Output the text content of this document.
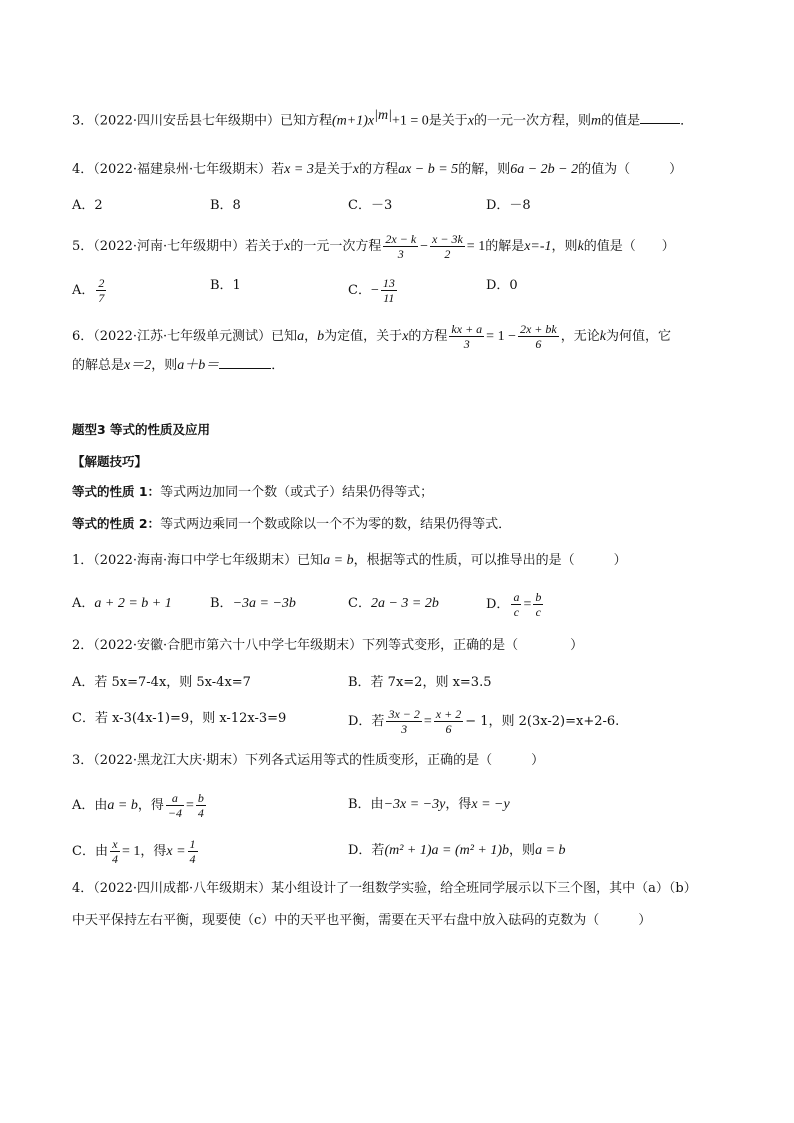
3．（2022·四川安岳县七年级期中）已知方程$(m+1)x^{|m|}+1 = 0$是关于x的一元一次方程，则m的值是	．
4．（2022·福建泉州·七年级期末）若x = 3是关于x的方程ax − b = 5的解，则6a − 2b − 2的值为（　　　）
A．2	B．8	C．－3	D．－8
5．（2022·河南·七年级期中）若关于x的一元一次方程 $\frac{2x - k}{3} - \frac{x - 3k}{2} = 1$的解是x=-1，则k的值是（　　）
A． $\frac{2}{7}$	B．1	C．− $\frac{13}{11}$	D．0
6．（2022·江苏·七年级单元测试）已知a，b为定值，关于x的方程 $\frac{kx + a}{3} = 1 - \frac{2x + bk}{6}$ ，无论k为何值，它
的解总是x＝2，则a＋b＝	．
题型3 等式的性质及应用
【解题技巧】
等式的性质 1：等式两边加同一个数（或式子）结果仍得等式；
等式的性质 2：等式两边乘同一个数或除以一个不为零的数，结果仍得等式．
1．（2022·海南·海口中学七年级期末）已知a = b，根据等式的性质，可以推导出的是（　　　）
A．a + 2 = b + 1	B．−3a = −3b	C．2a − 3 = 2b	D． $\frac{a}{c} = \frac{b}{c}$
2．（2022·安徽·合肥市第六十八中学七年级期末）下列等式变形，正确的是（　　　　）
A．若 5x=7-4x，则 5x-4x=7	B．若 7x=2，则 x=3.5
C．若 x-3(4x-1)=9，则 x-12x-3=9	D．若 $\frac{3x - 2}{3} = \frac{x + 2}{6} - 1$，则 2(3x-2)=x+2-6.
3．（2022·黑龙江大庆·期末）下列各式运用等式的性质变形，正确的是（　　　）
A．由a = b，得 $\frac{a}{-4} = \frac{b}{4}$	B．由−3x = −3y，得x = −y
C．由 $\frac{x}{4} = 1$，得$x = \frac{1}{4}$	D．若(m² + 1)a = (m² + 1)b，则a = b
4．（2022·四川成都·八年级期末）某小组设计了一组数学实验，给全班同学展示以下三个图，其中（a）（b）
中天平保持左右平衡，现要使（c）中的天平也平衡，需要在天平右盘中放入砝码的克数为（　　　）
